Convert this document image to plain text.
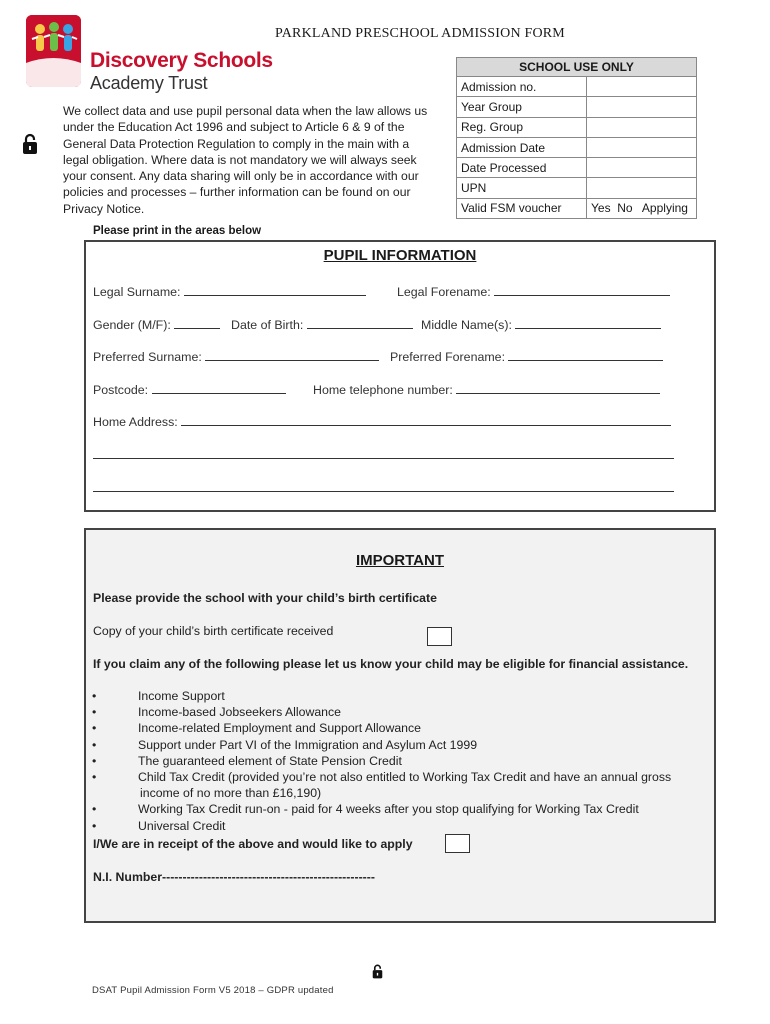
Discovery Schools
Academy Trust
PARKLAND PRESCHOOL ADMISSION FORM
We collect data and use pupil personal data when the law allows us under the Education Act 1996 and subject to Article 6 & 9 of the General Data Protection Regulation to comply in the main with a legal obligation. Where data is not mandatory we will always seek your consent. Any data sharing will only be in accordance with our policies and processes – further information can be found on our Privacy Notice.
SCHOOL USE ONLY	
Admission no.	
Year Group	
Reg. Group	
Admission Date	
Date Processed	
UPN	
Valid FSM voucher	Yes  No   Applying
Please print in the areas below
PUPIL INFORMATION
Legal Surname:	Legal Forename:
Gender (M/F):	Date of Birth:	Middle Name(s):
Preferred Surname:	Preferred Forename:
Postcode:	Home telephone number:
Home Address:
IMPORTANT
Please provide the school with your child’s birth certificate
Copy of your child’s birth certificate received
If you claim any of the following please let us know your child may be eligible for financial assistance.
I/We are in receipt of the above and would like to apply
N.I. Number----------------------------------------------------
•	Income Support
•	Income-based Jobseekers Allowance
•	Income-related Employment and Support Allowance
•	Support under Part VI of the Immigration and Asylum Act 1999
•	The guaranteed element of State Pension Credit
•	Child Tax Credit (provided you’re not also entitled to Working Tax Credit and have an annual gross
income of no more than £16,190)
•	Working Tax Credit run-on - paid for 4 weeks after you stop qualifying for Working Tax Credit
•	Universal Credit
DSAT Pupil Admission Form V5 2018 – GDPR updated
